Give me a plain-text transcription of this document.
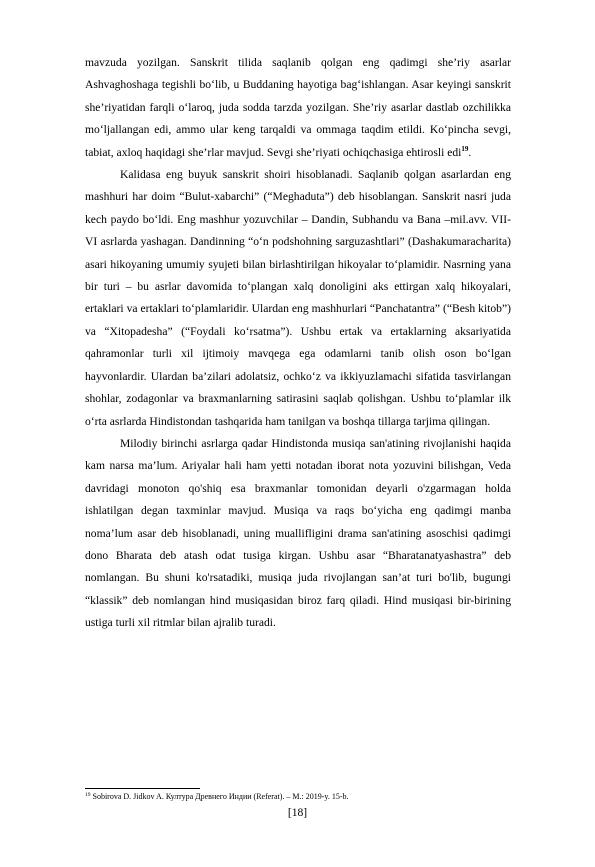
mavzuda yozilgan. Sanskrit tilida saqlanib qolgan eng qadimgi she’riy asarlar Ashvaghoshaga tegishli bo‘lib, u Buddaning hayotiga bag‘ishlangan. Asar keyingi sanskrit she’riyatidan farqli o‘laroq, juda sodda tarzda yozilgan. She’riy asarlar dastlab ozchilikka mo‘ljallangan edi, ammo ular keng tarqaldi va ommaga taqdim etildi. Ko‘pincha sevgi, tabiat, axloq haqidagi she’rlar mavjud. Sevgi she’riyati ochiqchasiga ehtirosli edi$^{19}$.

Kalidasa eng buyuk sanskrit shoiri hisoblanadi. Saqlanib qolgan asarlardan eng mashhuri har doim “Bulut-xabarchi” (“Meghaduta”) deb hisoblangan. Sanskrit nasri juda kech paydo bo‘ldi. Eng mashhur yozuvchilar – Dandin, Subhandu va Bana –mil.avv. VII-VI asrlarda yashagan. Dandinning “o‘n podshohning sarguzashtlari” (Dashakumaracharita) asari hikoyaning umumiy syujeti bilan birlashtirilgan hikoyalar to‘plamidir. Nasrning yana bir turi – bu asrlar davomida to‘plangan xalq donoligini aks ettirgan xalq hikoyalari, ertaklari va ertaklari to‘plamlaridir. Ulardan eng mashhurlari “Panchatantra” (“Besh kitob”) va “Xitopadesha” (“Foydali ko‘rsatma”). Ushbu ertak va ertaklarning aksariyatida qahramonlar turli xil ijtimoiy mavqega ega odamlarni tanib olish oson bo‘lgan hayvonlardir. Ulardan ba’zilari adolatsiz, ochko‘z va ikkiyuzlamachi sifatida tasvirlangan shohlar, zodagonlar va braxmanlarning satirasini saqlab qolishgan. Ushbu to‘plamlar ilk o‘rta asrlarda Hindistondan tashqarida ham tanilgan va boshqa tillarga tarjima qilingan.

Milodiy birinchi asrlarga qadar Hindistonda musiqa san'atining rivojlanishi haqida kam narsa ma’lum. Ariyalar hali ham yetti notadan iborat nota yozuvini bilishgan, Veda davridagi monoton qo'shiq esa braxmanlar tomonidan deyarli o'zgarmagan holda ishlatilgan degan taxminlar mavjud. Musiqa va raqs bo‘yicha eng qadimgi manba noma’lum asar deb hisoblanadi, uning muallifligini drama san'atining asoschisi qadimgi dono Bharata deb atash odat tusiga kirgan. Ushbu asar “Bharatanatyashastra” deb nomlangan. Bu shuni ko'rsatadiki, musiqa juda rivojlangan san’at turi bo'lib, bugungi “klassik” deb nomlangan hind musiqasidan biroz farq qiladi. Hind musiqasi bir-birining ustiga turli xil ritmlar bilan ajralib turadi.

$^{19}$ Sobirova D. Jidkov A. Култура Древнего Индии (Referat). – M.: 2019-y. 15-b.

[18]
